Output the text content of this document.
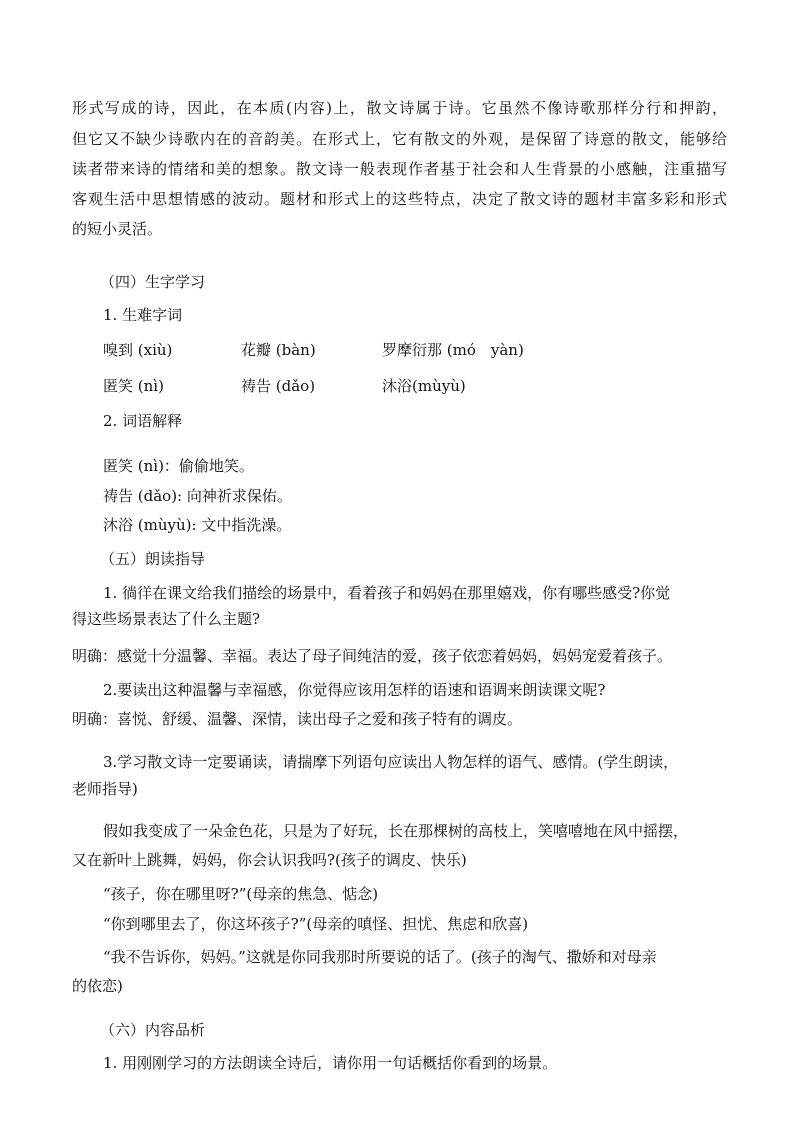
形式写成的诗，因此，在本质(内容)上，散文诗属于诗。它虽然不像诗歌那样分行和押韵，
但它又不缺少诗歌内在的音韵美。在形式上，它有散文的外观，是保留了诗意的散文，能够给
读者带来诗的情绪和美的想象。散文诗一般表现作者基于社会和人生背景的小感触，注重描写
客观生活中思想情感的波动。题材和形式上的这些特点，决定了散文诗的题材丰富多彩和形式
的短小灵活。
（四）生字学习
1. 生难字词
嗅到 (xiù)	花瓣 (bàn)	罗摩衍那 (mó　yàn)
匿笑 (nì)	祷告 (dǎo)	沐浴(mùyù)
2. 词语解释
匿笑 (nì)：偷偷地笑。
祷告 (dǎo): 向神祈求保佑。
沐浴 (mùyù): 文中指洗澡。
（五）朗读指导
1. 徜徉在课文给我们描绘的场景中，看着孩子和妈妈在那里嬉戏，你有哪些感受?你觉
得这些场景表达了什么主题?
明确：感觉十分温馨、幸福。表达了母子间纯洁的爱，孩子依恋着妈妈，妈妈宠爱着孩子。
2.要读出这种温馨与幸福感，你觉得应该用怎样的语速和语调来朗读课文呢?
明确：喜悦、舒缓、温馨、深情，读出母子之爱和孩子特有的调皮。
3.学习散文诗一定要诵读，请揣摩下列语句应读出人物怎样的语气、感情。(学生朗读，
老师指导)
假如我变成了一朵金色花，只是为了好玩，长在那棵树的高枝上，笑嘻嘻地在风中摇摆，
又在新叶上跳舞，妈妈，你会认识我吗?(孩子的调皮、快乐)
“孩子，你在哪里呀?”(母亲的焦急、惦念)
“你到哪里去了，你这坏孩子?”(母亲的嗔怪、担忧、焦虑和欣喜)
“我不告诉你，妈妈。”这就是你同我那时所要说的话了。(孩子的淘气、撒娇和对母亲
的依恋)
（六）内容品析
1. 用刚刚学习的方法朗读全诗后，请你用一句话概括你看到的场景。
